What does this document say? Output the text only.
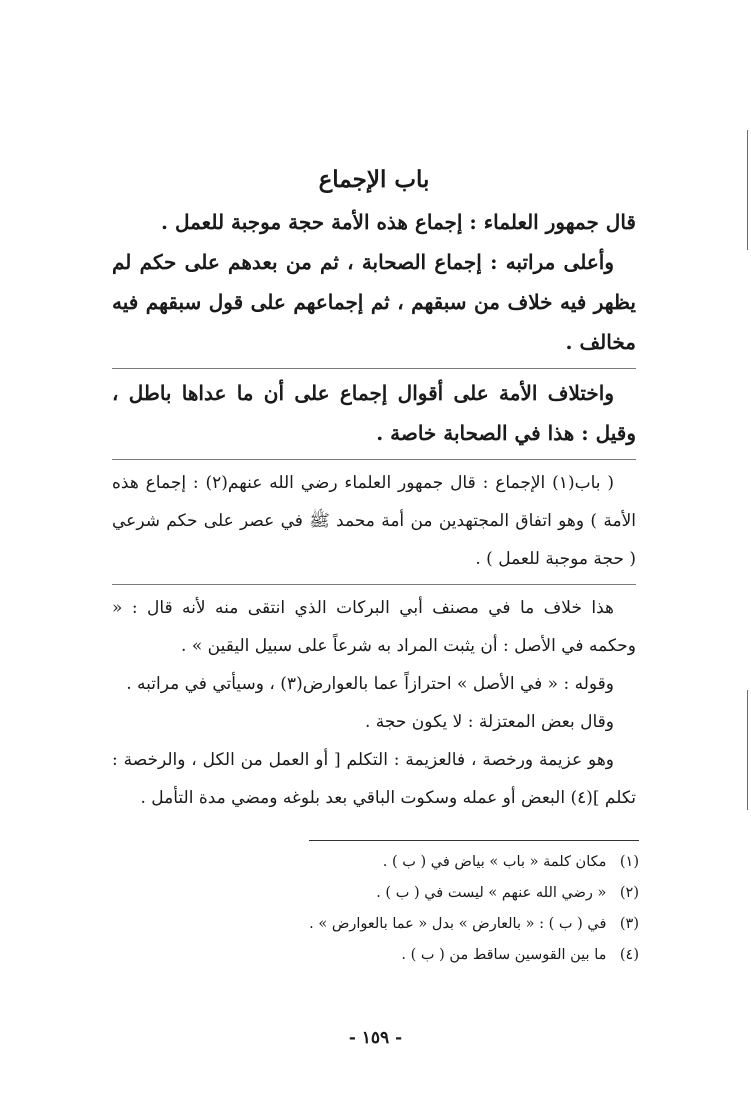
باب الإجماع

قال جمهور العلماء : إجماع هذه الأمة حجة موجبة للعمل .

وأعلى مراتبه : إجماع الصحابة ، ثم من بعدهم على حكم لم يظهر فيه خلاف من سبقهم ، ثم إجماعهم على قول سبقهم فيه مخالف .

واختلاف الأمة على أقوال إجماع على أن ما عداها باطل ، وقيل : هذا في الصحابة خاصة .

( باب(١) الإجماع : قال جمهور العلماء رضي الله عنهم(٢) : إجماع هذه الأمة ) وهو اتفاق المجتهدين من أمة محمد ﷺ في عصر على حكم شرعي ( حجة موجبة للعمل ) .

هذا خلاف ما في مصنف أبي البركات الذي انتقى منه لأنه قال : « وحكمه في الأصل : أن يثبت المراد به شرعاً على سبيل اليقين » .

وقوله : « في الأصل » احترازاً عما بالعوارض(٣) ، وسيأتي في مراتبه .

وقال بعض المعتزلة : لا يكون حجة .

وهو عزيمة ورخصة ، فالعزيمة : التكلم [ أو العمل من الكل ، والرخصة : تكلم ](٤) البعض أو عمله وسكوت الباقي بعد بلوغه ومضي مدة التأمل .

(١) مكان كلمة « باب » بياض في ( ب ) .

(٢) « رضي الله عنهم » ليست في ( ب ) .

(٣) في ( ب ) : « بالعارض » بدل « عما بالعوارض » .

(٤) ما بين القوسين ساقط من ( ب ) .

- ١٥٩ -
